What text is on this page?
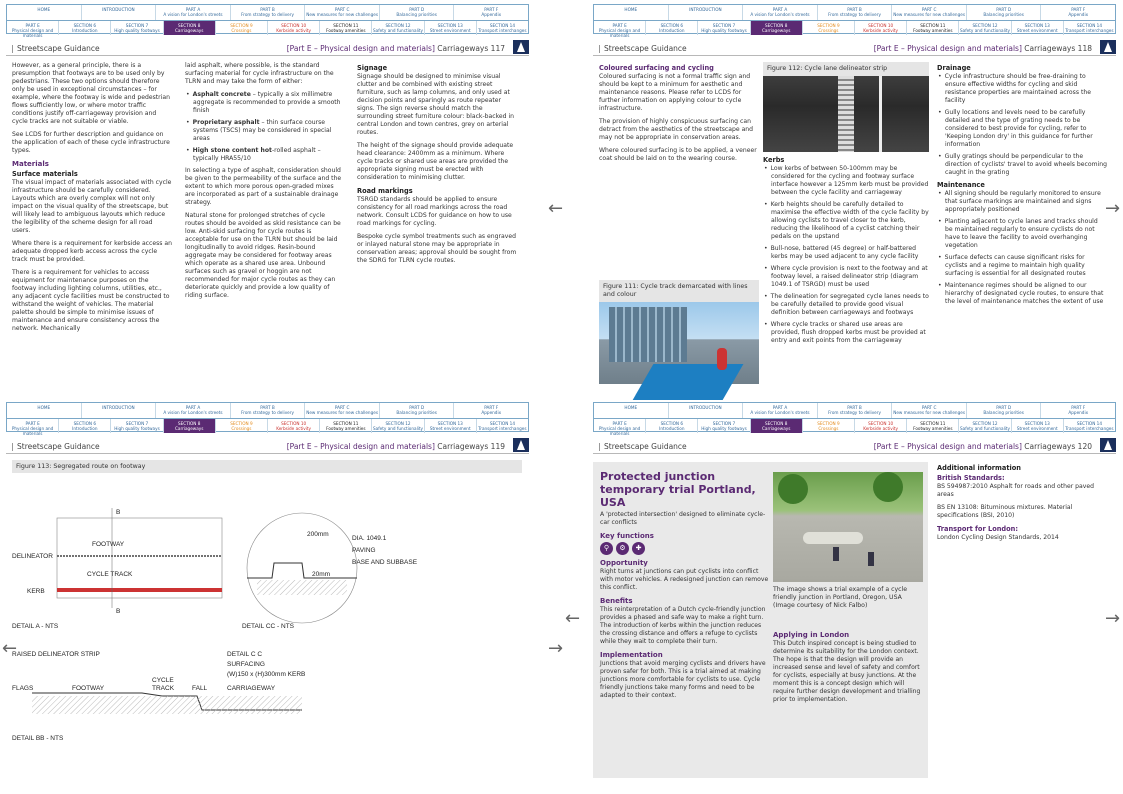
HOME	INTRODUCTION	PART A
A vision for London's streets
PART B
From strategy to delivery
PART C
New measures for new challenges
PART D
Balancing priorities
PART F
Appendix
PART E
Physical design and materials
SECTION 6
Introduction
SECTION 7
High quality footways
SECTION 8
Carriageways
SECTION 9
Crossings
SECTION 10
Kerbside activity
SECTION 11
Footway amenities
SECTION 12
Safety and functionality
SECTION 13
Street environment
SECTION 14
Transport interchanges
Streetscape Guidance	[Part E – Physical design and materials] Carriageways 117

However, as a general principle, there is a presumption that footways are to be used only by pedestrians. These two options should therefore only be used in exceptional circumstances – for example, where the footway is wide and pedestrian flows sufficiently low, or where motor traffic conditions justify off-carriageway provision and cycle tracks are not suitable or viable.

See LCDS for further description and guidance on the application of each of these cycle infrastructure types.

Materials
Surface materials

The visual impact of materials associated with cycle infrastructure should be carefully considered. Layouts which are overly complex will not only impact on the visual quality of the streetscape, but will likely lead to ambiguous layouts which reduce the legibility of the scheme design for all road users.

Where there is a requirement for kerbside access an adequate dropped kerb access across the cycle track must be provided.

There is a requirement for vehicles to access equipment for maintenance purposes on the footway including lighting columns, utilities, etc., any adjacent cycle facilities must be constructed to withstand the weight of vehicles. The material palette should be simple to minimise issues of maintenance and ensure consistency across the network. Mechanically

laid asphalt, where possible, is the standard surfacing material for cycle infrastructure on the TLRN and may take the form of either:

• Asphalt concrete – typically a six millimetre aggregate is recommended to provide a smooth finish
• Proprietary asphalt – thin surface course systems (TSCS) may be considered in special areas
• High stone content hot-rolled asphalt – typically HRA55/10

In selecting a type of asphalt, consideration should be given to the permeability of the surface and the extent to which more porous open-graded mixes are incorporated as part of a sustainable drainage strategy.

Natural stone for prolonged stretches of cycle routes should be avoided as skid resistance can be low. Anti-skid surfacing for cycle routes is acceptable for use on the TLRN but should be laid longitudinally to avoid ridges. Resin-bound aggregate may be considered for footway areas which operate as a shared use area. Unbound surfaces such as gravel or hoggin are not recommended for major cycle routes as they can deteriorate quickly and provide a low quality of riding surface.

Signage

Signage should be designed to minimise visual clutter and be combined with existing street furniture, such as lamp columns, and only used at decision points and sparingly as route repeater signs. The sign reverse should match the surrounding street furniture colour: black-backed in central London and town centres, grey on arterial routes.

The height of the signage should provide adequate head clearance: 2400mm as a minimum. Where cycle tracks or shared use areas are provided the appropriate signing must be erected with consideration to minimising clutter.

Road markings

TSRGD standards should be applied to ensure consistency for all road markings across the road network. Consult LCDS for guidance on how to use road markings for cycling.

Bespoke cycle symbol treatments such as engraved or inlayed natural stone may be appropriate in conservation areas; approval should be sought from the SDRG for TLRN cycle routes.

HOME	INTRODUCTION	PART A
A vision for London's streets
PART B
From strategy to delivery
PART C
New measures for new challenges
PART D
Balancing priorities
PART F
Appendix
PART E
Physical design and materials
SECTION 6
Introduction
SECTION 7
High quality footways
SECTION 8
Carriageways
SECTION 9
Crossings
SECTION 10
Kerbside activity
SECTION 11
Footway amenities
SECTION 12
Safety and functionality
SECTION 13
Street environment
SECTION 14
Transport interchanges
Streetscape Guidance	[Part E – Physical design and materials] Carriageways 118
Coloured surfacing and cycling

Coloured surfacing is not a formal traffic sign and should be kept to a minimum for aesthetic and maintenance reasons. Please refer to LCDS for further information on applying colour to cycle infrastructure.

The provision of highly conspicuous surfacing can detract from the aesthetics of the streetscape and may not be appropriate in conservation areas.

Where coloured surfacing is to be applied, a veneer coat should be laid on to the wearing course.

Figure 111: Cycle track demarcated with lines and colour
Figure 112: Cycle lane delineator strip
Kerbs
• Low kerbs of between 50-100mm may be considered for the cycling and footway surface interface however a 125mm kerb must be provided between the cycle facility and carriageway
• Kerb heights should be carefully detailed to maximise the effective width of the cycle facility by allowing cyclists to travel closer to the kerb, reducing the likelihood of a cyclist catching their pedals on the upstand
• Bull-nose, battered (45 degree) or half-battered kerbs may be used adjacent to any cycle facility
• Where cycle provision is next to the footway and at footway level, a raised delineator strip (diagram 1049.1 of TSRGD) must be used
• The delineation for segregated cycle lanes needs to be carefully detailed to provide good visual definition between carriageways and footways
• Where cycle tracks or shared use areas are provided, flush dropped kerbs must be provided at entry and exit points from the carriageway
Drainage
• Cycle infrastructure should be free-draining to ensure effective widths for cycling and skid resistance properties are maintained across the facility
• Gully locations and levels need to be carefully detailed and the type of grating needs to be considered to best provide for cycling, refer to 'Keeping London dry' in this guidance for further information
• Gully gratings should be perpendicular to the direction of cyclists' travel to avoid wheels becoming caught in the grating
Maintenance
• All signing should be regularly monitored to ensure that surface markings are maintained and signs appropriately positioned
• Planting adjacent to cycle lanes and tracks should be maintained regularly to ensure cyclists do not have to leave the facility to avoid overhanging vegetation
• Surface defects can cause significant risks for cyclists and a regime to maintain high quality surfacing is essential for all designated routes
• Maintenance regimes should be aligned to our hierarchy of designated cycle routes, to ensure that the level of maintenance matches the extent of use
HOME	INTRODUCTION	PART A
A vision for London's streets
PART B
From strategy to delivery
PART C
New measures for new challenges
PART D
Balancing priorities
PART F
Appendix
PART E
Physical design and materials
SECTION 6
Introduction
SECTION 7
High quality footways
SECTION 8
Carriageways
SECTION 9
Crossings
SECTION 10
Kerbside activity
SECTION 11
Footway amenities
SECTION 12
Safety and functionality
SECTION 13
Street environment
SECTION 14
Transport interchanges
Streetscape Guidance	[Part E – Physical design and materials] Carriageways 119
Figure 113: Segregated route on footway
B
B
FOOTWAY
DELINEATOR
CYCLE TRACK
KERB
DETAIL A - NTS
200mm
20mm
DIA. 1049.1
PAVING
BASE AND SUBBASE
DETAIL CC - NTS
RAISED DELINEATOR STRIP	DETAIL C C
SURFACING
(W)150 x (H)300mm KERB
FLAGS	FOOTWAY
CYCLE
TRACK	FALL	CARRIAGEWAY
DETAIL BB - NTS
HOME	INTRODUCTION	PART A
A vision for London's streets
PART B
From strategy to delivery
PART C
New measures for new challenges
PART D
Balancing priorities
PART F
Appendix
PART E
Physical design and materials
SECTION 6
Introduction
SECTION 7
High quality footways
SECTION 8
Carriageways
SECTION 9
Crossings
SECTION 10
Kerbside activity
SECTION 11
Footway amenities
SECTION 12
Safety and functionality
SECTION 13
Street environment
SECTION 14
Transport interchanges
Streetscape Guidance	[Part E – Physical design and materials] Carriageways 120
Protected junction temporary trial Portland, USA

A 'protected intersection' designed to eliminate cycle-car conflicts

Key functions
⚲	⚙	✚
Opportunity

Right turns at junctions can put cyclists into conflict with motor vehicles. A redesigned junction can remove this conflict.

Benefits

This reinterpretation of a Dutch cycle-friendly junction provides a phased and safe way to make a right turn. The introduction of kerbs within the junction reduces the crossing distance and offers a refuge to cyclists while they wait to complete their turn.

Implementation

Junctions that avoid merging cyclists and drivers have proven safer for both. This is a trial aimed at making junctions more comfortable for cyclists to use. Cycle friendly junctions take many forms and need to be adapted to their context.

The image shows a trial example of a cycle friendly junction in Portland, Oregon, USA (Image courtesy of Nick Falbo)
Applying in London

This Dutch inspired concept is being studied to determine its suitability for the London context. The hope is that the design will provide an increased sense and level of safety and comfort for cyclists, especially at busy junctions. At the moment this is a concept design which will require further design development and trialling prior to implementation.

Additional information
British Standards:

BS 594987:2010 Asphalt for roads and other paved areas

BS EN 13108: Bituminous mixtures. Material specifications (BSI, 2010)

Transport for London:

London Cycling Design Standards, 2014

←	→
←	→
←	→
